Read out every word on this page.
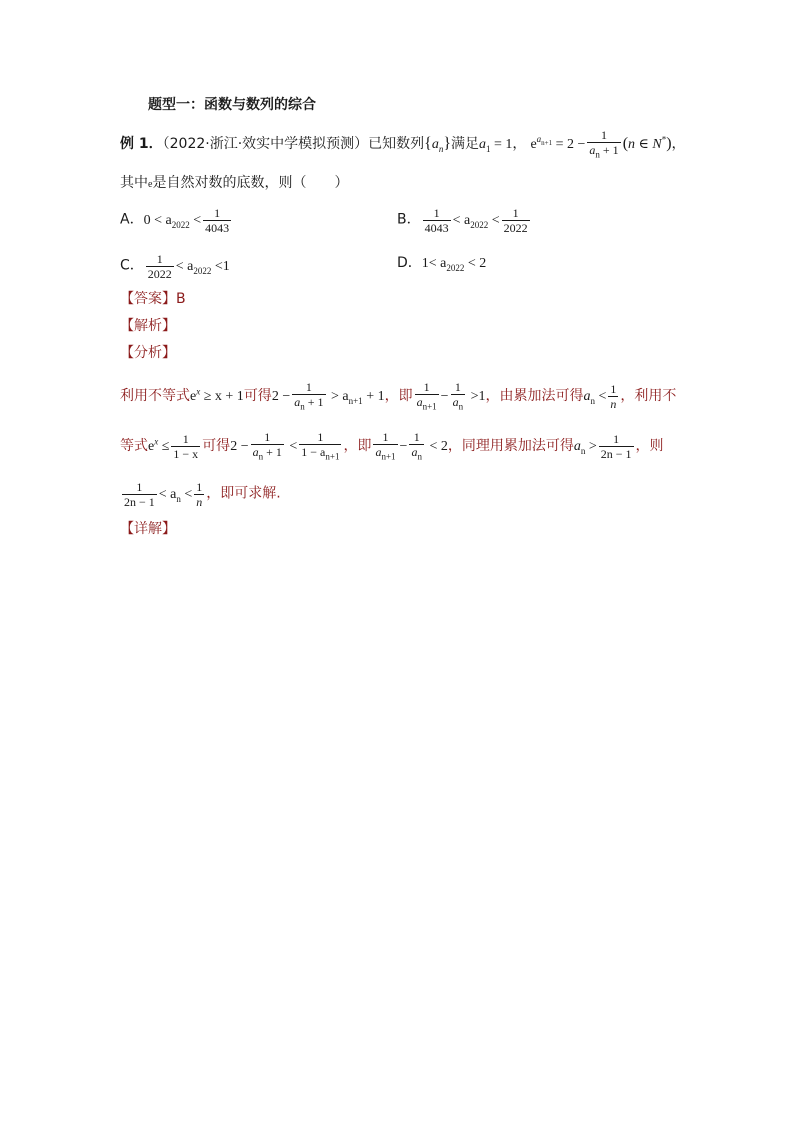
题型一：函数与数列的综合
例 1．（2022·浙江·效实中学模拟预测）已知数列$\{a_n\}$满足$a_1 = 1$， $e^{a_{n+1}} = 2 - \frac{1}{a_n + 1} (n$ ∈ N*)，
其中e是自然对数的底数，则（　　）
A．$0 < a_{2022} < \frac{1}{4043}$	B． $\frac{1}{4043} < a_{2022} < \frac{1}{2022}$
C． $\frac{1}{2022} < a_{2022} <1$	D．$1< a_{2022} < 2$
【答案】B
【解析】
【分析】
利用不等式$e^x \ge x + 1$可得$2 - \frac{1}{a_n + 1} > a_{n+1} + 1$，即 $\frac{1}{a_{n+1}} - \frac{1}{a_n} >1$，由累加法可得$a_n < \frac{1}{n}$ ，利用不
等式$e^x \le \frac{1}{1 - x}$ 可得$2 - \frac{1}{a_n + 1} < \frac{1}{1 - a_{n+1}}$ ，即 $\frac{1}{a_{n+1}} - \frac{1}{a_n} < 2$，同理用累加法可得$a_n > \frac{1}{2n - 1}$ ，则
$\frac{1}{2n - 1} < a_n < \frac{1}{n}$ ，即可求解.
【详解】
